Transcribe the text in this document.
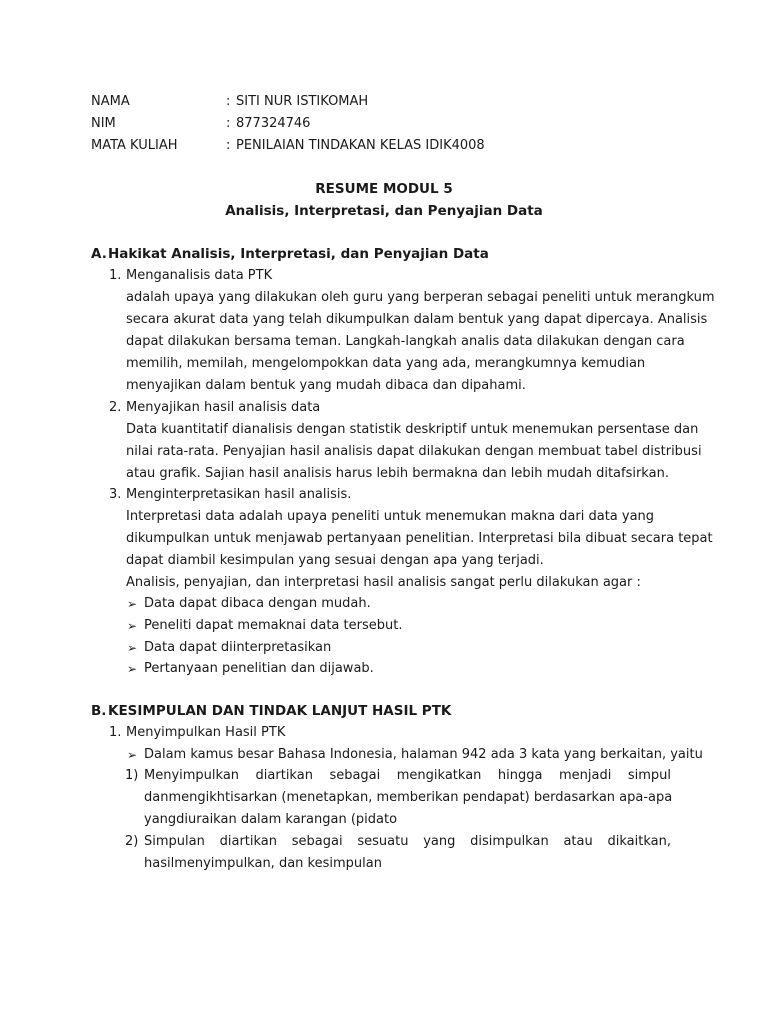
NAMA	: SITI NUR ISTIKOMAH
NIM	: 877324746
MATA KULIAH	: PENILAIAN TINDAKAN KELAS IDIK4008
RESUME MODUL 5
Analisis, Interpretasi, dan Penyajian Data
A.Hakikat Analisis, Interpretasi, dan Penyajian Data
1. Menganalisis data PTK
adalah upaya yang dilakukan oleh guru yang berperan sebagai peneliti untuk merangkum
secara akurat data yang telah dikumpulkan dalam bentuk yang dapat dipercaya. Analisis
dapat dilakukan bersama teman. Langkah-langkah analis data dilakukan dengan cara
memilih, memilah, mengelompokkan data yang ada, merangkumnya kemudian
menyajikan dalam bentuk yang mudah dibaca dan dipahami.
2. Menyajikan hasil analisis data
Data kuantitatif dianalisis dengan statistik deskriptif untuk menemukan persentase dan
nilai rata-rata. Penyajian hasil analisis dapat dilakukan dengan membuat tabel distribusi
atau grafik. Sajian hasil analisis harus lebih bermakna dan lebih mudah ditafsirkan.
3. Menginterpretasikan hasil analisis.
Interpretasi data adalah upaya peneliti untuk menemukan makna dari data yang
dikumpulkan untuk menjawab pertanyaan penelitian. Interpretasi bila dibuat secara tepat
dapat diambil kesimpulan yang sesuai dengan apa yang terjadi.
Analisis, penyajian, dan interpretasi hasil analisis sangat perlu dilakukan agar :
➢ Data dapat dibaca dengan mudah.
➢ Peneliti dapat memaknai data tersebut.
➢ Data dapat diinterpretasikan
➢ Pertanyaan penelitian dan dijawab.
B. KESIMPULAN DAN TINDAK LANJUT HASIL PTK
1. Menyimpulkan Hasil PTK
➢ Dalam kamus besar Bahasa Indonesia, halaman 942 ada 3 kata yang berkaitan, yaitu
1) Menyimpulkan diartikan sebagai mengikatkan hingga menjadi simpul
danmengikhtisarkan (menetapkan, memberikan pendapat) berdasarkan apa-apa
yangdiuraikan dalam karangan (pidato
2) Simpulan diartikan sebagai sesuatu yang disimpulkan atau dikaitkan,
hasilmenyimpulkan, dan kesimpulan
